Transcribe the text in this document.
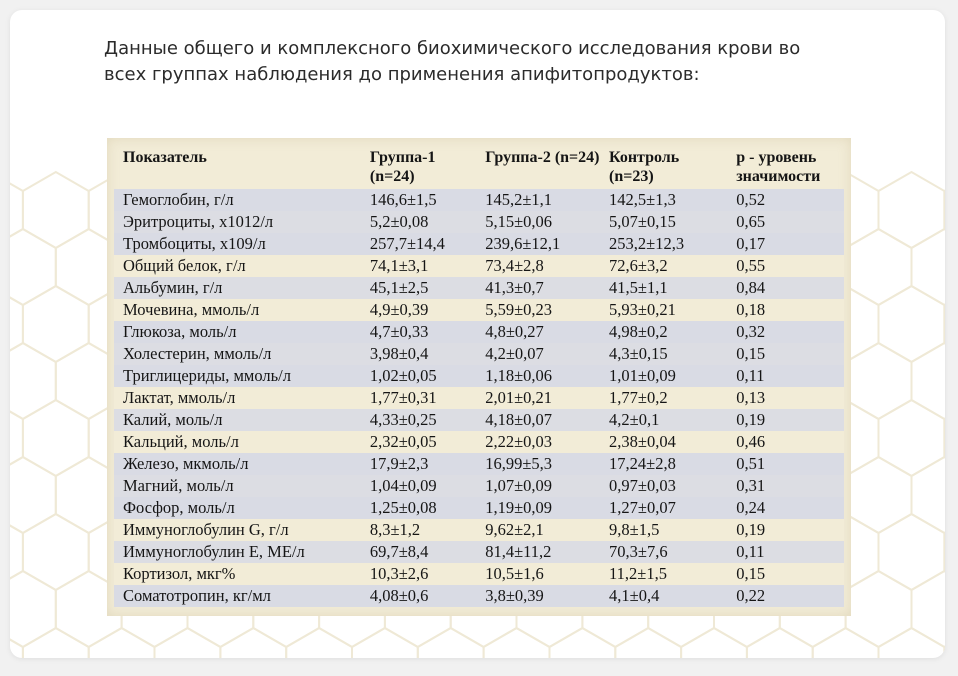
Данные общего и комплексного биохимического исследования крови во всех группах наблюдения до применения апифитопродуктов:
Показатель	Группа-1 (n=24)	Группа-2 (n=24)	Контроль (n=23)	р - уровень значимости
Гемоглобин, г/л	146,6±1,5	145,2±1,1	142,5±1,3	0,52
Эритроциты, х1012/л	5,2±0,08	5,15±0,06	5,07±0,15	0,65
Тромбоциты, х109/л	257,7±14,4	239,6±12,1	253,2±12,3	0,17
Общий белок, г/л	74,1±3,1	73,4±2,8	72,6±3,2	0,55
Альбумин, г/л	45,1±2,5	41,3±0,7	41,5±1,1	0,84
Мочевина, ммоль/л	4,9±0,39	5,59±0,23	5,93±0,21	0,18
Глюкоза, моль/л	4,7±0,33	4,8±0,27	4,98±0,2	0,32
Холестерин, ммоль/л	3,98±0,4	4,2±0,07	4,3±0,15	0,15
Триглицериды, ммоль/л	1,02±0,05	1,18±0,06	1,01±0,09	0,11
Лактат, ммоль/л	1,77±0,31	2,01±0,21	1,77±0,2	0,13
Калий, моль/л	4,33±0,25	4,18±0,07	4,2±0,1	0,19
Кальций, моль/л	2,32±0,05	2,22±0,03	2,38±0,04	0,46
Железо, мкмоль/л	17,9±2,3	16,99±5,3	17,24±2,8	0,51
Магний, моль/л	1,04±0,09	1,07±0,09	0,97±0,03	0,31
Фосфор, моль/л	1,25±0,08	1,19±0,09	1,27±0,07	0,24
Иммуноглобулин G, г/л	8,3±1,2	9,62±2,1	9,8±1,5	0,19
Иммуноглобулин Е, МЕ/л	69,7±8,4	81,4±11,2	70,3±7,6	0,11
Кортизол, мкг%	10,3±2,6	10,5±1,6	11,2±1,5	0,15
Соматотропин, кг/мл	4,08±0,6	3,8±0,39	4,1±0,4	0,22
